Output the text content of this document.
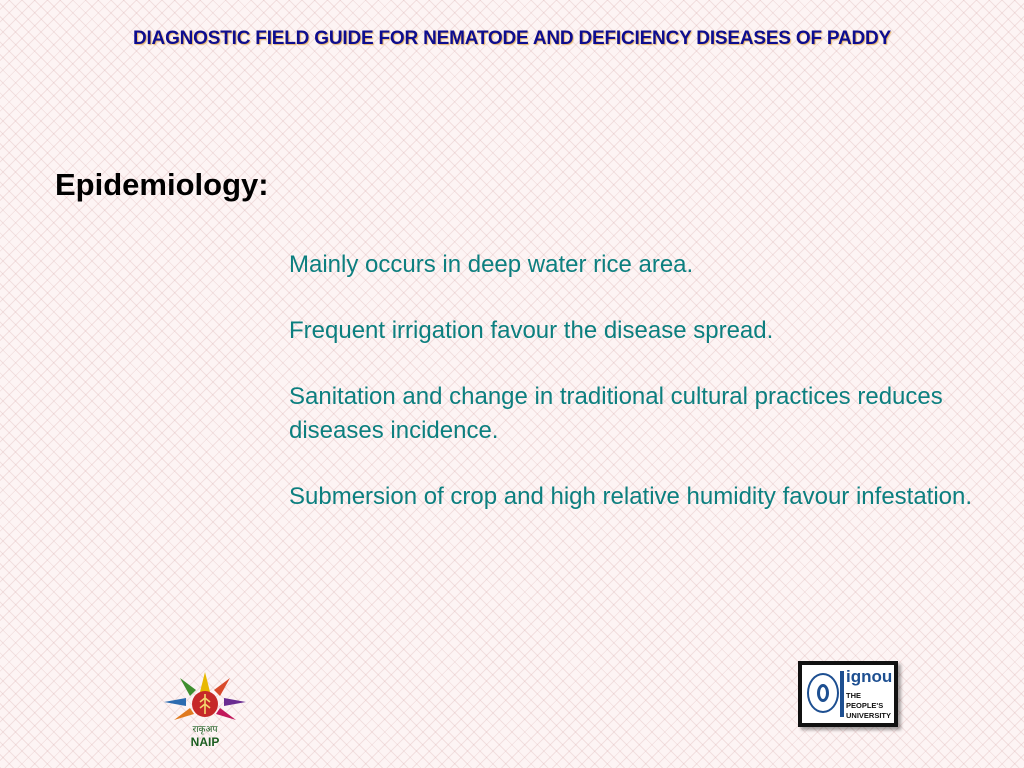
DIAGNOSTIC FIELD GUIDE FOR NEMATODE AND DEFICIENCY DISEASES OF PADDY
Epidemiology:
Mainly occurs in deep water rice area.
Frequent irrigation favour the disease spread.
Sanitation and change in traditional cultural practices reduces diseases incidence.
Submersion of crop and high relative humidity favour infestation.
राकृअप
NAIP
ignou
THE PEOPLE'S
UNIVERSITY
